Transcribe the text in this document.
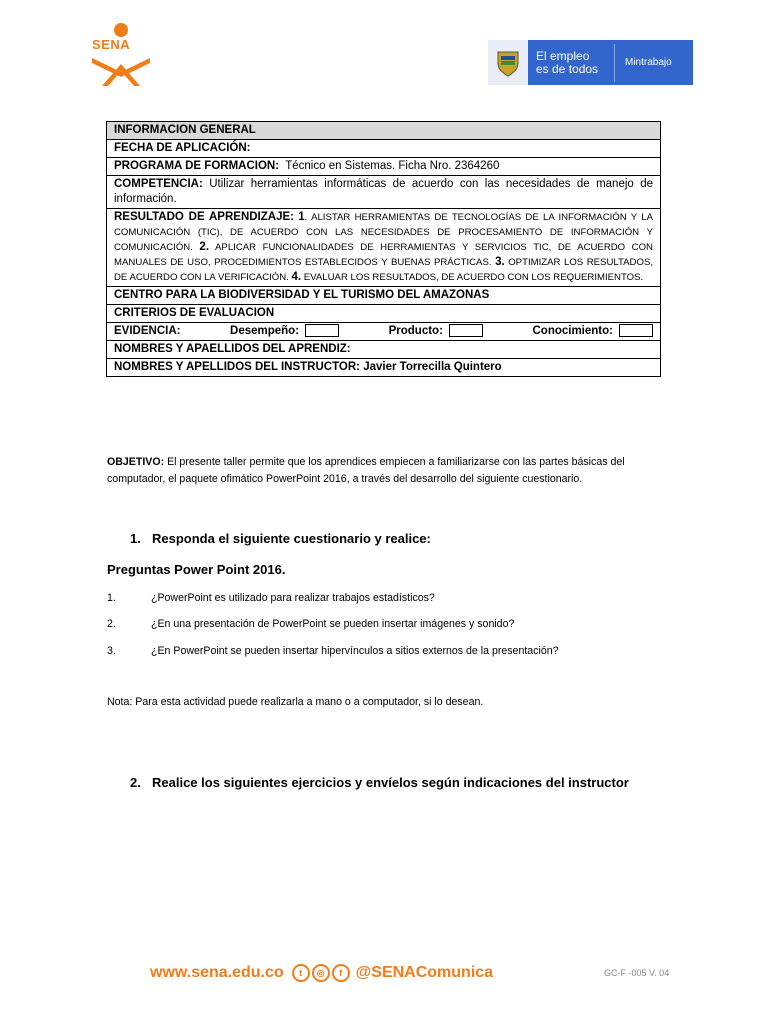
SENA
El empleo
es de todos	Mintrabajo
INFORMACION GENERAL
FECHA DE APLICACIÓN:
PROGRAMA DE FORMACION: Técnico en Sistemas. Ficha Nro. 2364260
COMPETENCIA: Utilizar herramientas informáticas de acuerdo con las necesidades de manejo de información.
RESULTADO DE APRENDIZAJE: 1. ALISTAR HERRAMIENTAS DE TECNOLOGÍAS DE LA INFORMACIÓN Y LA COMUNICACIÓN (TIC), DE ACUERDO CON LAS NECESIDADES DE PROCESAMIENTO DE INFORMACIÓN Y COMUNICACIÓN. 2. APLICAR FUNCIONALIDADES DE HERRAMIENTAS Y SERVICIOS TIC, DE ACUERDO CON MANUALES DE USO, PROCEDIMIENTOS ESTABLECIDOS Y BUENAS PRÁCTICAS. 3. OPTIMIZAR LOS RESULTADOS, DE ACUERDO CON LA VERIFICACIÓN. 4. EVALUAR LOS RESULTADOS, DE ACUERDO CON LOS REQUERIMIENTOS.
CENTRO PARA LA BIODIVERSIDAD Y EL TURISMO DEL AMAZONAS
CRITERIOS DE EVALUACION

EVIDENCIA:	Desempeño:	Producto:	Conocimiento:

NOMBRES Y APAELLIDOS DEL APRENDIZ:
NOMBRES Y APELLIDOS DEL INSTRUCTOR: Javier Torrecilla Quintero
OBJETIVO: El presente taller permite que los aprendices empiecen a familiarizarse con las partes básicas del computador, el paquete ofimático PowerPoint 2016, a través del desarrollo del siguiente cuestionario.
1. Responda el siguiente cuestionario y realice:
Preguntas Power Point 2016.
1.	¿PowerPoint es utilizado para realizar trabajos estadísticos?
2.	¿En una presentación de PowerPoint se pueden insertar imágenes y sonido?
3.	¿En PowerPoint se pueden insertar hipervínculos a sitios externos de la presentación?
Nota: Para esta actividad puede realizarla a mano o a computador, si lo desean.
2. Realice los siguientes ejercicios y envíelos según indicaciones del instructor
www.sena.edu.co	t	◎	f @SENAComunica	GC-F -005 V. 04
